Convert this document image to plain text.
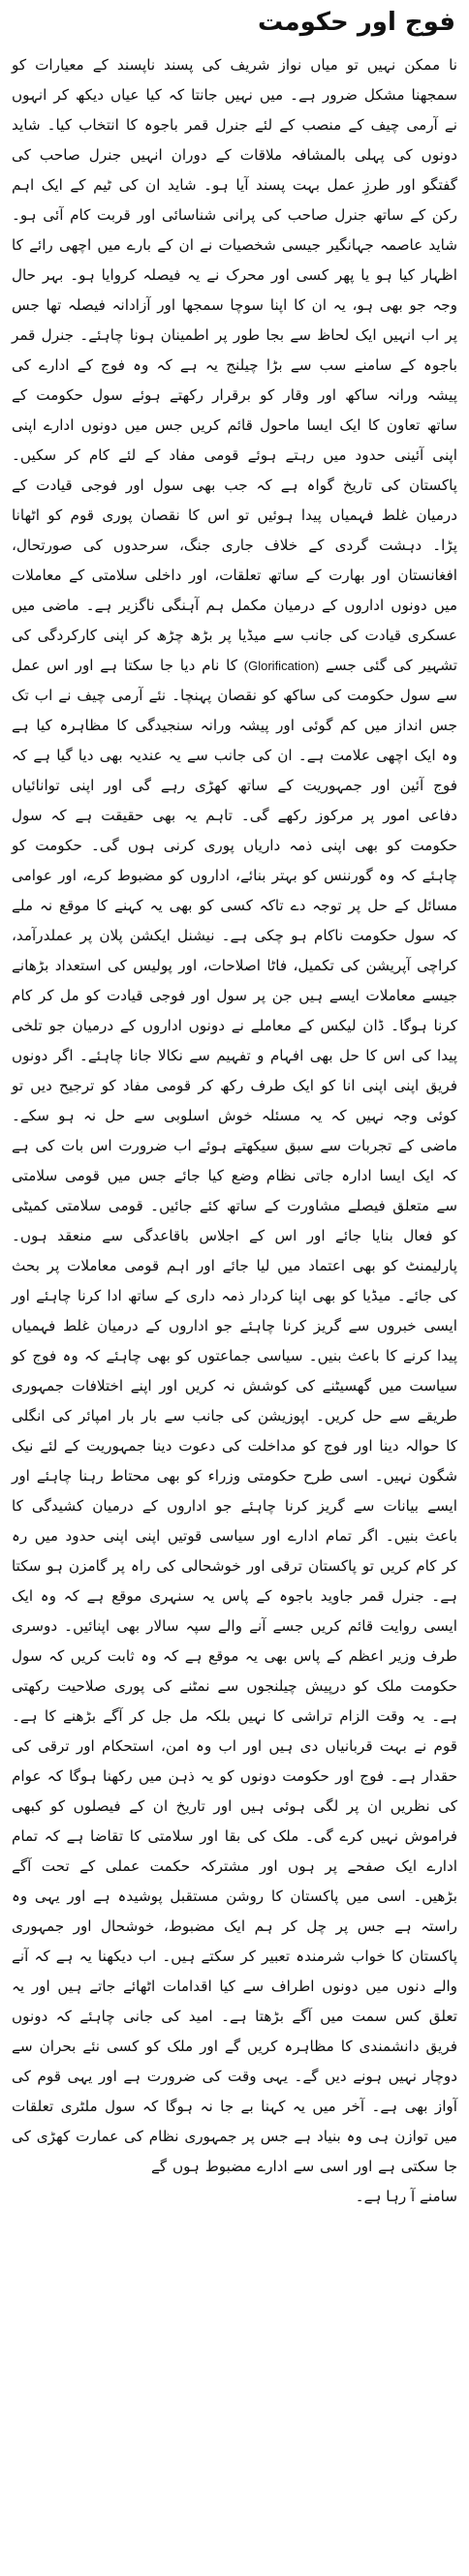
فوج اور حکومت

نا ممکن نہیں تو میاں نواز شریف کی پسند ناپسند کے معیارات کو سمجھنا مشکل ضرور ہے۔ میں نہیں جانتا کہ کیا عیاں دیکھ کر انہوں نے آرمی چیف کے منصب کے لئے جنرل قمر باجوہ کا انتخاب کیا۔ شاید دونوں کی پہلی بالمشافہ ملاقات کے دوران انہیں جنرل صاحب کی گفتگو اور طرزِ عمل بہت پسند آیا ہو۔ شاید ان کی ٹیم کے ایک اہم رکن کے ساتھ جنرل صاحب کی پرانی شناسائی اور قربت کام آئی ہو۔ شاید عاصمہ جہانگیر جیسی شخصیات نے ان کے بارے میں اچھی رائے کا اظہار کیا ہو یا پھر کسی اور محرک نے یہ فیصلہ کروایا ہو۔ بہر حال وجہ جو بھی ہو، یہ ان کا اپنا سوچا سمجھا اور آزادانہ فیصلہ تھا جس پر اب انہیں ایک لحاظ سے بجا طور پر اطمینان ہونا چاہئے۔ جنرل قمر باجوہ کے سامنے سب سے بڑا چیلنج یہ ہے کہ وہ فوج کے ادارے کی پیشہ ورانہ ساکھ اور وقار کو برقرار رکھتے ہوئے سول حکومت کے ساتھ تعاون کا ایک ایسا ماحول قائم کریں جس میں دونوں ادارے اپنی اپنی آئینی حدود میں رہتے ہوئے قومی مفاد کے لئے کام کر سکیں۔ پاکستان کی تاریخ گواہ ہے کہ جب بھی سول اور فوجی قیادت کے درمیان غلط فہمیاں پیدا ہوئیں تو اس کا نقصان پوری قوم کو اٹھانا پڑا۔ دہشت گردی کے خلاف جاری جنگ، سرحدوں کی صورتحال، افغانستان اور بھارت کے ساتھ تعلقات، اور داخلی سلامتی کے معاملات میں دونوں اداروں کے درمیان مکمل ہم آہنگی ناگزیر ہے۔ ماضی میں عسکری قیادت کی جانب سے میڈیا پر بڑھ چڑھ کر اپنی کارکردگی کی تشہیر کی گئی جسے (Glorification) کا نام دیا جا سکتا ہے اور اس عمل سے سول حکومت کی ساکھ کو نقصان پہنچا۔ نئے آرمی چیف نے اب تک جس انداز میں کم گوئی اور پیشہ ورانہ سنجیدگی کا مظاہرہ کیا ہے وہ ایک اچھی علامت ہے۔ ان کی جانب سے یہ عندیہ بھی دیا گیا ہے کہ فوج آئین اور جمہوریت کے ساتھ کھڑی رہے گی اور اپنی توانائیاں دفاعی امور پر مرکوز رکھے گی۔ تاہم یہ بھی حقیقت ہے کہ سول حکومت کو بھی اپنی ذمہ داریاں پوری کرنی ہوں گی۔ حکومت کو چاہئے کہ وہ گورننس کو بہتر بنائے، اداروں کو مضبوط کرے، اور عوامی مسائل کے حل پر توجہ دے تاکہ کسی کو بھی یہ کہنے کا موقع نہ ملے کہ سول حکومت ناکام ہو چکی ہے۔ نیشنل ایکشن پلان پر عملدرآمد، کراچی آپریشن کی تکمیل، فاٹا اصلاحات، اور پولیس کی استعداد بڑھانے جیسے معاملات ایسے ہیں جن پر سول اور فوجی قیادت کو مل کر کام کرنا ہوگا۔ ڈان لیکس کے معاملے نے دونوں اداروں کے درمیان جو تلخی پیدا کی اس کا حل بھی افہام و تفہیم سے نکالا جانا چاہئے۔ اگر دونوں فریق اپنی اپنی انا کو ایک طرف رکھ کر قومی مفاد کو ترجیح دیں تو کوئی وجہ نہیں کہ یہ مسئلہ خوش اسلوبی سے حل نہ ہو سکے۔ ماضی کے تجربات سے سبق سیکھتے ہوئے اب ضرورت اس بات کی ہے کہ ایک ایسا ادارہ جاتی نظام وضع کیا جائے جس میں قومی سلامتی سے متعلق فیصلے مشاورت کے ساتھ کئے جائیں۔ قومی سلامتی کمیٹی کو فعال بنایا جائے اور اس کے اجلاس باقاعدگی سے منعقد ہوں۔ پارلیمنٹ کو بھی اعتماد میں لیا جائے اور اہم قومی معاملات پر بحث کی جائے۔ میڈیا کو بھی اپنا کردار ذمہ داری کے ساتھ ادا کرنا چاہئے اور ایسی خبروں سے گریز کرنا چاہئے جو اداروں کے درمیان غلط فہمیاں پیدا کرنے کا باعث بنیں۔ سیاسی جماعتوں کو بھی چاہئے کہ وہ فوج کو سیاست میں گھسیٹنے کی کوشش نہ کریں اور اپنے اختلافات جمہوری طریقے سے حل کریں۔ اپوزیشن کی جانب سے بار بار امپائر کی انگلی کا حوالہ دینا اور فوج کو مداخلت کی دعوت دینا جمہوریت کے لئے نیک شگون نہیں۔ اسی طرح حکومتی وزراء کو بھی محتاط رہنا چاہئے اور ایسے بیانات سے گریز کرنا چاہئے جو اداروں کے درمیان کشیدگی کا باعث بنیں۔ اگر تمام ادارے اور سیاسی قوتیں اپنی اپنی حدود میں رہ کر کام کریں تو پاکستان ترقی اور خوشحالی کی راہ پر گامزن ہو سکتا ہے۔ جنرل قمر جاوید باجوہ کے پاس یہ سنہری موقع ہے کہ وہ ایک ایسی روایت قائم کریں جسے آنے والے سپہ سالار بھی اپنائیں۔ دوسری طرف وزیر اعظم کے پاس بھی یہ موقع ہے کہ وہ ثابت کریں کہ سول حکومت ملک کو درپیش چیلنجوں سے نمٹنے کی پوری صلاحیت رکھتی ہے۔ یہ وقت الزام تراشی کا نہیں بلکہ مل جل کر آگے بڑھنے کا ہے۔ قوم نے بہت قربانیاں دی ہیں اور اب وہ امن، استحکام اور ترقی کی حقدار ہے۔ فوج اور حکومت دونوں کو یہ ذہن میں رکھنا ہوگا کہ عوام کی نظریں ان پر لگی ہوئی ہیں اور تاریخ ان کے فیصلوں کو کبھی فراموش نہیں کرے گی۔ ملک کی بقا اور سلامتی کا تقاضا ہے کہ تمام ادارے ایک صفحے پر ہوں اور مشترکہ حکمت عملی کے تحت آگے بڑھیں۔ اسی میں پاکستان کا روشن مستقبل پوشیدہ ہے اور یہی وہ راستہ ہے جس پر چل کر ہم ایک مضبوط، خوشحال اور جمہوری پاکستان کا خواب شرمندہ تعبیر کر سکتے ہیں۔ اب دیکھنا یہ ہے کہ آنے والے دنوں میں دونوں اطراف سے کیا اقدامات اٹھائے جاتے ہیں اور یہ تعلق کس سمت میں آگے بڑھتا ہے۔ امید کی جانی چاہئے کہ دونوں فریق دانشمندی کا مظاہرہ کریں گے اور ملک کو کسی نئے بحران سے دوچار نہیں ہونے دیں گے۔ یہی وقت کی ضرورت ہے اور یہی قوم کی آواز بھی ہے۔ آخر میں یہ کہنا بے جا نہ ہوگا کہ سول ملٹری تعلقات میں توازن ہی وہ بنیاد ہے جس پر جمہوری نظام کی عمارت کھڑی کی جا سکتی ہے اور اسی سے ادارے مضبوط ہوں گے

سامنے آ رہا ہے۔
